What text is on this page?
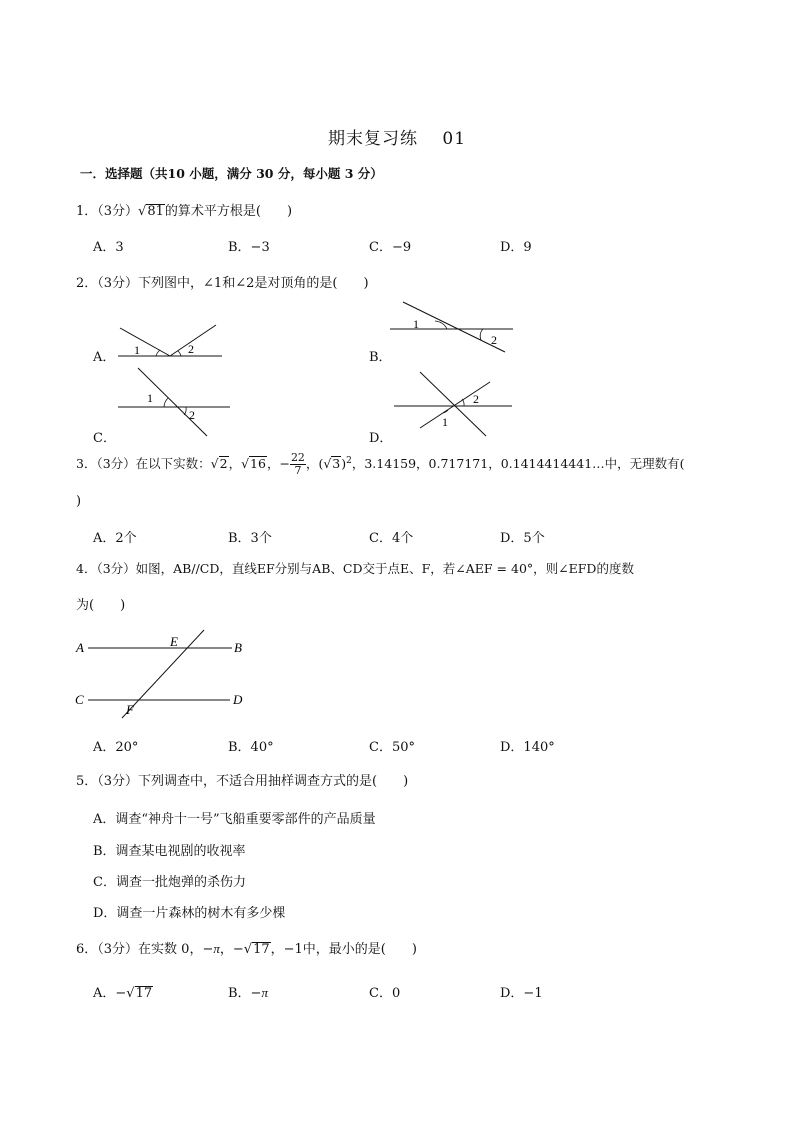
期末复习练　 01
一．选择题（共10 小题，满分 30 分，每小题 3 分）
1．（3分）√81的算术平方根是(　　)
A．3	B．−3	C．−9	D．9
2．（3分）下列图中，∠1和∠2是对顶角的是(　　)
A．	B．
C．	D．
1	2
1
2
1
2
2
1
3．（3分）在以下实数：√2，√16，− $\frac{22}{7}$ ，$(√3)^2$，3.14159，0.717171，0.1414414441…中，无理数有(
)
A．2个	B．3个	C．4个	D．5个
4．（3分）如图，AB//CD，直线EF分别与AB、CD交于点E、F，若∠AEF = 40°，则∠EFD的度数
为(　　)
A	B
C	D
E
F
A．20°	B．40°	C．50°	D．140°
5．（3分）下列调查中，不适合用抽样调查方式的是(　　)
A．调查“神舟十一号”飞船重要零部件的产品质量
B．调查某电视剧的收视率
C．调查一批炮弹的杀伤力
D．调查一片森林的树木有多少棵
6．（3分）在实数 0，−π，−√17，−1中，最小的是(　　)
A．−√17	B．−π	C．0	D．−1
